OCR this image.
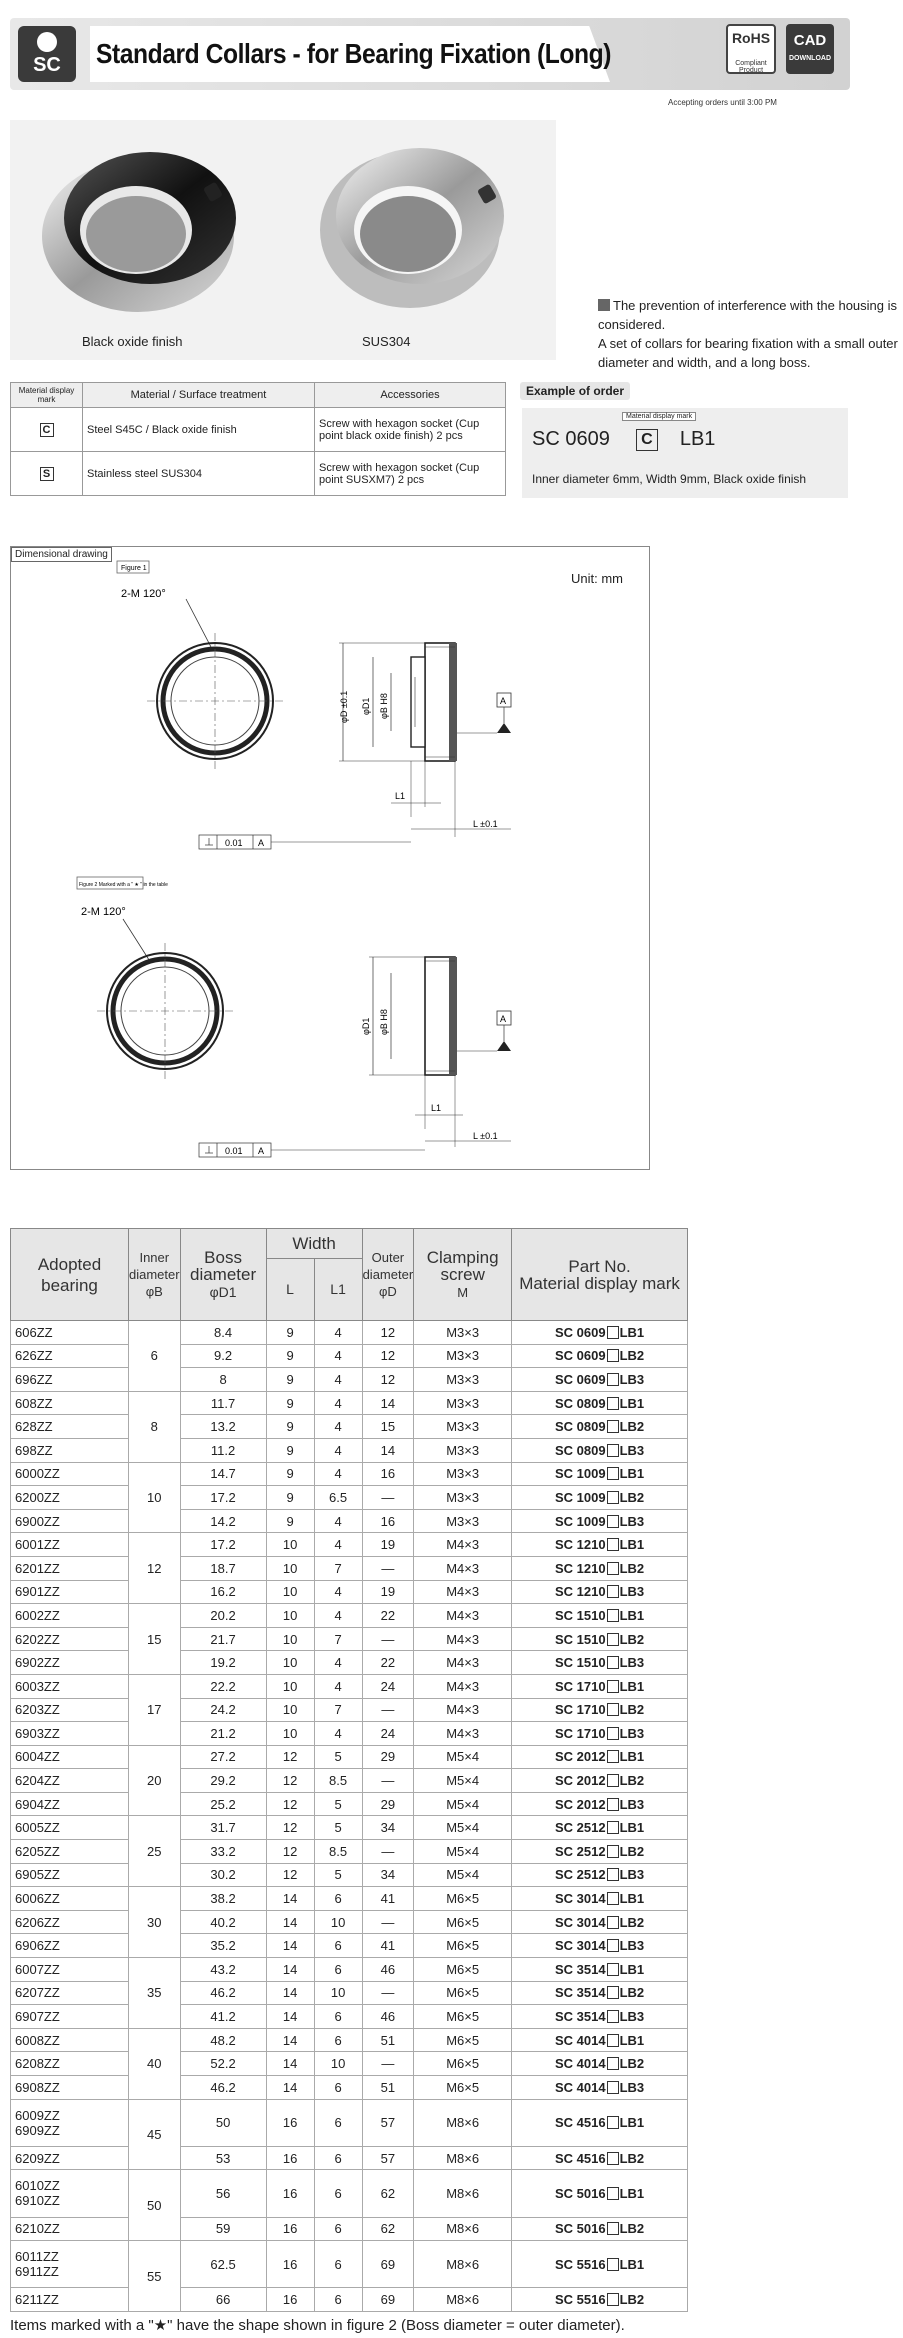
SC	Standard Collars - for Bearing Fixation (Long)	RoHS
Compliant Product
CAD
DOWNLOAD
Accepting orders until 3:00 PM
Black oxide finish	SUS304
The prevention of interference with the housing is considered.
A set of collars for bearing fixation with a small outer diameter and width, and a long boss.
Material display mark	Material / Surface treatment	Accessories
C	Steel S45C / Black oxide finish	Screw with hexagon socket (Cup point black oxide finish) 2 pcs
S	Stainless steel SUS304	Screw with hexagon socket (Cup point SUSXM7) 2 pcs
Example of order
Material display mark
SC 0609 C LB1
Inner diameter 6mm, Width 9mm, Black oxide finish
Dimensional drawing
Unit: mm
Figure 1
2-M 120°
φD ±0.1 φD1 φB H8	A
L1
L ±0.1
0.01 A
Figure 2 Marked with a " ★ " in the table
2-M 120°
φD1 φB H8	A
L1
L ±0.1
0.01 A
Adopted bearing	Inner diameter
φB	Boss diameter
φD1	Width		Outer diameter
φD	Clamping screw
M	Part No.
Material display mark
			L	L1			

606ZZ	6	8.4	9	4	12	M3×3	SC 0609 LB1

626ZZ		9.2	9	4	12	M3×3	SC 0609 LB2

696ZZ		8	9	4	12	M3×3	SC 0609 LB3

608ZZ	8	11.7	9	4	14	M3×3	SC 0809 LB1

628ZZ		13.2	9	4	15	M3×3	SC 0809 LB2

698ZZ		11.2	9	4	14	M3×3	SC 0809 LB3

6000ZZ	10	14.7	9	4	16	M3×3	SC 1009 LB1

6200ZZ		17.2	9	6.5	—	M3×3	SC 1009 LB2

6900ZZ		14.2	9	4	16	M3×3	SC 1009 LB3

6001ZZ	12	17.2	10	4	19	M4×3	SC 1210 LB1

6201ZZ		18.7	10	7	—	M4×3	SC 1210 LB2

6901ZZ		16.2	10	4	19	M4×3	SC 1210 LB3

6002ZZ	15	20.2	10	4	22	M4×3	SC 1510 LB1

6202ZZ		21.7	10	7	—	M4×3	SC 1510 LB2

6902ZZ		19.2	10	4	22	M4×3	SC 1510 LB3

6003ZZ	17	22.2	10	4	24	M4×3	SC 1710 LB1

6203ZZ		24.2	10	7	—	M4×3	SC 1710 LB2

6903ZZ		21.2	10	4	24	M4×3	SC 1710 LB3

6004ZZ	20	27.2	12	5	29	M5×4	SC 2012 LB1

6204ZZ		29.2	12	8.5	—	M5×4	SC 2012 LB2

6904ZZ		25.2	12	5	29	M5×4	SC 2012 LB3

6005ZZ	25	31.7	12	5	34	M5×4	SC 2512 LB1

6205ZZ		33.2	12	8.5	—	M5×4	SC 2512 LB2

6905ZZ		30.2	12	5	34	M5×4	SC 2512 LB3

6006ZZ	30	38.2	14	6	41	M6×5	SC 3014 LB1

6206ZZ		40.2	14	10	—	M6×5	SC 3014 LB2

6906ZZ		35.2	14	6	41	M6×5	SC 3014 LB3

6007ZZ	35	43.2	14	6	46	M6×5	SC 3514 LB1

6207ZZ		46.2	14	10	—	M6×5	SC 3514 LB2

6907ZZ		41.2	14	6	46	M6×5	SC 3514 LB3

6008ZZ	40	48.2	14	6	51	M6×5	SC 4014 LB1

6208ZZ		52.2	14	10	—	M6×5	SC 4014 LB2

6908ZZ		46.2	14	6	51	M6×5	SC 4014 LB3

6009ZZ
6909ZZ	45	50	16	6	57	M8×6	SC 4516 LB1

6209ZZ		53	16	6	57	M8×6	SC 4516 LB2

6010ZZ
6910ZZ	50	56	16	6	62	M8×6	SC 5016 LB1

6210ZZ		59	16	6	62	M8×6	SC 5016 LB2

6011ZZ
6911ZZ	55	62.5	16	6	69	M8×6	SC 5516 LB1

6211ZZ		66	16	6	69	M8×6	SC 5516 LB2
Items marked with a "★" have the shape shown in figure 2 (Boss diameter = outer diameter).
